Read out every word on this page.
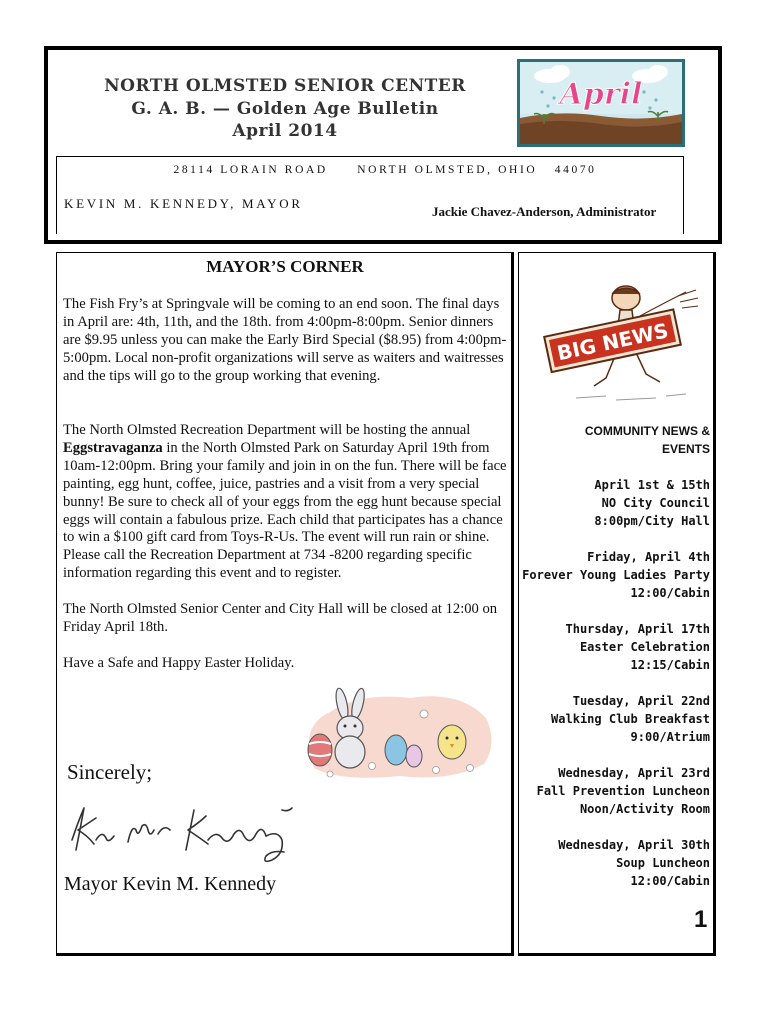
NORTH OLMSTED SENIOR CENTER
G. A. B. — Golden Age Bulletin
April 2014
April
28114 LORAIN ROAD	NORTH OLMSTED, OHIO 44070
KEVIN M. KENNEDY, MAYOR
Jackie Chavez-Anderson, Administrator
MAYOR’S CORNER

The Fish Fry’s at Springvale will be coming to an end soon. The final days in April are: 4th, 11th, and the 18th. from 4:00pm-8:00pm. Senior dinners are $9.95 unless you can make the Early Bird Special ($8.95) from 4:00pm-5:00pm. Local non-profit organizations will serve as waiters and waitresses and the tips will go to the group working that evening.

The North Olmsted Recreation Department will be hosting the annual Eggstravaganza in the North Olmsted Park on Saturday April 19th from 10am-12:00pm. Bring your family and join in on the fun. There will be face painting, egg hunt, coffee, juice, pastries and a visit from a very special bunny! Be sure to check all of your eggs from the egg hunt because special eggs will contain a fabulous prize. Each child that participates has a chance to win a $100 gift card from Toys-R-Us. The event will run rain or shine. Please call the Recreation Department at 734 -8200 regarding specific information regarding this event and to register.

The North Olmsted Senior Center and City Hall will be closed at 12:00 on Friday April 18th.

Have a Safe and Happy Easter Holiday.

Sincerely;
Mayor Kevin M. Kennedy
BIG NEWS
COMMUNITY NEWS &
EVENTS
April 1st & 15th
NO City Council
8:00pm/City Hall
Friday, April 4th
Forever Young Ladies Party
12:00/Cabin
Thursday, April 17th
Easter Celebration
12:15/Cabin
Tuesday, April 22nd
Walking Club Breakfast
9:00/Atrium
Wednesday, April 23rd
Fall Prevention Luncheon
Noon/Activity Room
Wednesday, April 30th
Soup Luncheon
12:00/Cabin
1
